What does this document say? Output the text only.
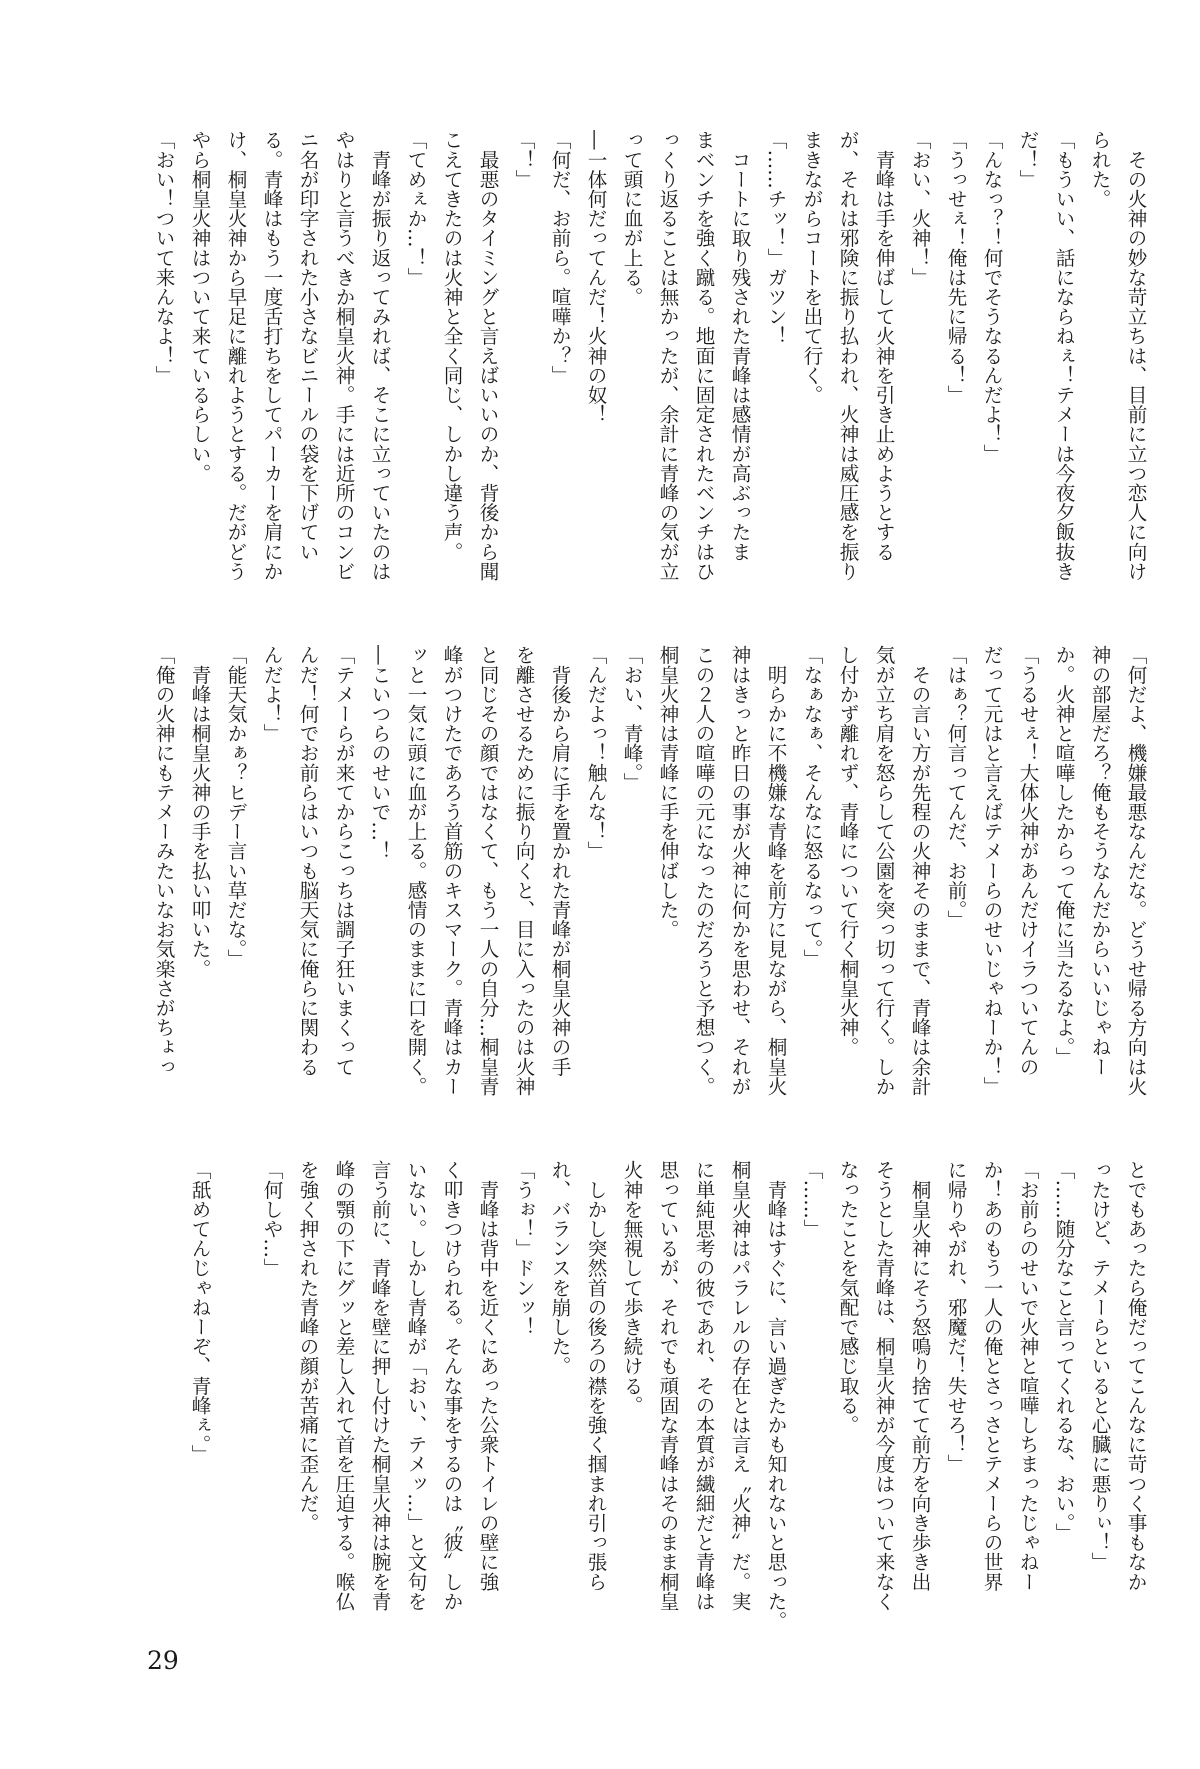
　その火神の妙な苛立ちは、目前に立つ恋人に向け
られた。
「もういい、話にならねぇ！テメーは今夜夕飯抜き
だ！」
「んなっ？！何でそうなるんだよ！」
「うっせぇ！俺は先に帰る！」
「おい、火神！」
　青峰は手を伸ばして火神を引き止めようとする
が、それは邪険に振り払われ、火神は威圧感を振り
まきながらコートを出て行く。
「……チッ！」ガツン！
　コートに取り残された青峰は感情が高ぶったま
まベンチを強く蹴る。地面に固定されたベンチはひ
っくり返ることは無かったが、余計に青峰の気が立
って頭に血が上る。
―一体何だってんだ！火神の奴！
「何だ、お前ら。喧嘩か？」
「！」
　最悪のタイミングと言えばいいのか、背後から聞
こえてきたのは火神と全く同じ、しかし違う声。
「てめぇか…！」
　青峰が振り返ってみれば、そこに立っていたのは
やはりと言うべきか桐皇火神。手には近所のコンビ
ニ名が印字された小さなビニールの袋を下げてい
る。青峰はもう一度舌打ちをしてパーカーを肩にか
け、桐皇火神から早足に離れようとする。だがどう
やら桐皇火神はついて来ているらしい。
「おい！ついて来んなよ！」
「何だよ、機嫌最悪なんだな。どうせ帰る方向は火
神の部屋だろ？俺もそうなんだからいいじゃねー
か。火神と喧嘩したからって俺に当たるなよ。」
「うるせぇ！大体火神があんだけイラついてんの
だって元はと言えばテメーらのせいじゃねーか！」
「はぁ？何言ってんだ、お前。」
　その言い方が先程の火神そのままで、青峰は余計
気が立ち肩を怒らして公園を突っ切って行く。しか
し付かず離れず、青峰について行く桐皇火神。
「なぁなぁ、そんなに怒るなって。」
　明らかに不機嫌な青峰を前方に見ながら、桐皇火
神はきっと昨日の事が火神に何かを思わせ、それが
この２人の喧嘩の元になったのだろうと予想つく。
桐皇火神は青峰に手を伸ばした。
「おい、青峰。」
「んだよっ！触んな！」
　背後から肩に手を置かれた青峰が桐皇火神の手
を離させるために振り向くと、目に入ったのは火神
と同じその顔ではなくて、もう一人の自分…桐皇青
峰がつけたであろう首筋のキスマーク。青峰はカー
ッと一気に頭に血が上る。感情のままに口を開く。
―こいつらのせいで…！
「テメーらが来てからこっちは調子狂いまくって
んだ！何でお前らはいつも脳天気に俺らに関わる
んだよ！」
「能天気かぁ？ヒデー言い草だな。」
　青峰は桐皇火神の手を払い叩いた。
「俺の火神にもテメーみたいなお気楽さがちょっ
とでもあったら俺だってこんなに苛つく事もなか
ったけど、テメーらといると心臓に悪りぃ！」
「……随分なこと言ってくれるな、おい。」
「お前らのせいで火神と喧嘩しちまったじゃねー
か！あのもう一人の俺とさっさとテメーらの世界
に帰りやがれ、邪魔だ！失せろ！」
　桐皇火神にそう怒鳴り捨てて前方を向き歩き出
そうとした青峰は、桐皇火神が今度はついて来なく
なったことを気配で感じ取る。
「……」
　青峰はすぐに、言い過ぎたかも知れないと思った。
桐皇火神はパラレルの存在とは言え〝火神〟だ。実
に単純思考の彼であれ、その本質が繊細だと青峰は
思っているが、それでも頑固な青峰はそのまま桐皇
火神を無視して歩き続ける。
　しかし突然首の後ろの襟を強く掴まれ引っ張ら
れ、バランスを崩した。
「うぉ！」ドンッ！
　青峰は背中を近くにあった公衆トイレの壁に強
く叩きつけられる。そんな事をするのは〝彼〟しか
いない。しかし青峰が「おい、テメッ…」と文句を
言う前に、青峰を壁に押し付けた桐皇火神は腕を青
峰の顎の下にグッと差し入れて首を圧迫する。喉仏
を強く押された青峰の顔が苦痛に歪んだ。
「何しや…」
「舐めてんじゃねーぞ、青峰ぇ。」
29
